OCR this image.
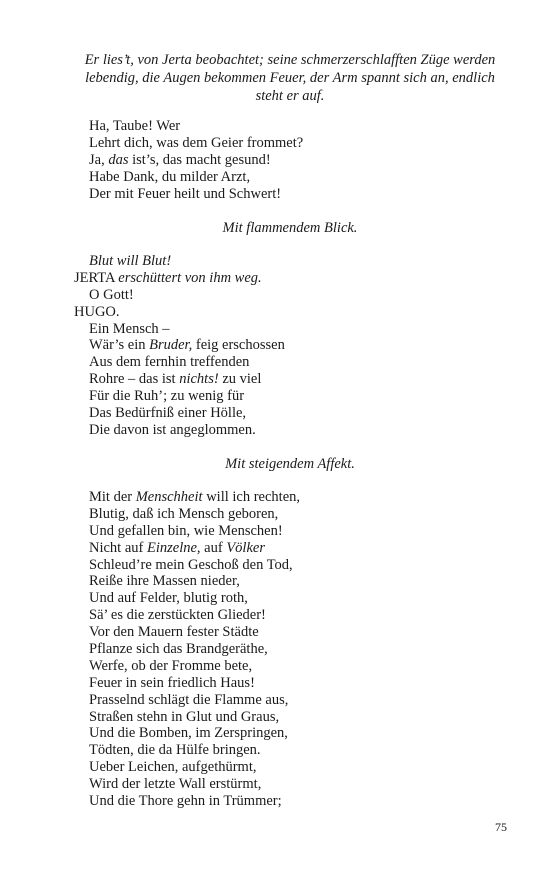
Er lies’t, von Jerta beobachtet; seine schmerzerschlafften Züge werden lebendig, die Augen bekommen Feuer, der Arm spannt sich an, endlich steht er auf.
Ha, Taube! Wer
Lehrt dich, was dem Geier frommet?
Ja, das ist’s, das macht gesund!
Habe Dank, du milder Arzt,
Der mit Feuer heilt und Schwert!
Mit flammendem Blick.
Blut will Blut!
JERTA erschüttert von ihm weg.
O Gott!
HUGO.
Ein Mensch –
Wär’s ein Bruder, feig erschossen
Aus dem fernhin treffenden
Rohre – das ist nichts! zu viel
Für die Ruh’; zu wenig für
Das Bedürfniß einer Hölle,
Die davon ist angeglommen.
Mit steigendem Affekt.
Mit der Menschheit will ich rechten,
Blutig, daß ich Mensch geboren,
Und gefallen bin, wie Menschen!
Nicht auf Einzelne, auf Völker
Schleud’re mein Geschoß den Tod,
Reiße ihre Massen nieder,
Und auf Felder, blutig roth,
Sä’ es die zerstückten Glieder!
Vor den Mauern fester Städte
Pflanze sich das Brandgeräthe,
Werfe, ob der Fromme bete,
Feuer in sein friedlich Haus!
Prasselnd schlägt die Flamme aus,
Straßen stehn in Glut und Graus,
Und die Bomben, im Zerspringen,
Tödten, die da Hülfe bringen.
Ueber Leichen, aufgethürmt,
Wird der letzte Wall erstürmt,
Und die Thore gehn in Trümmer;
75
